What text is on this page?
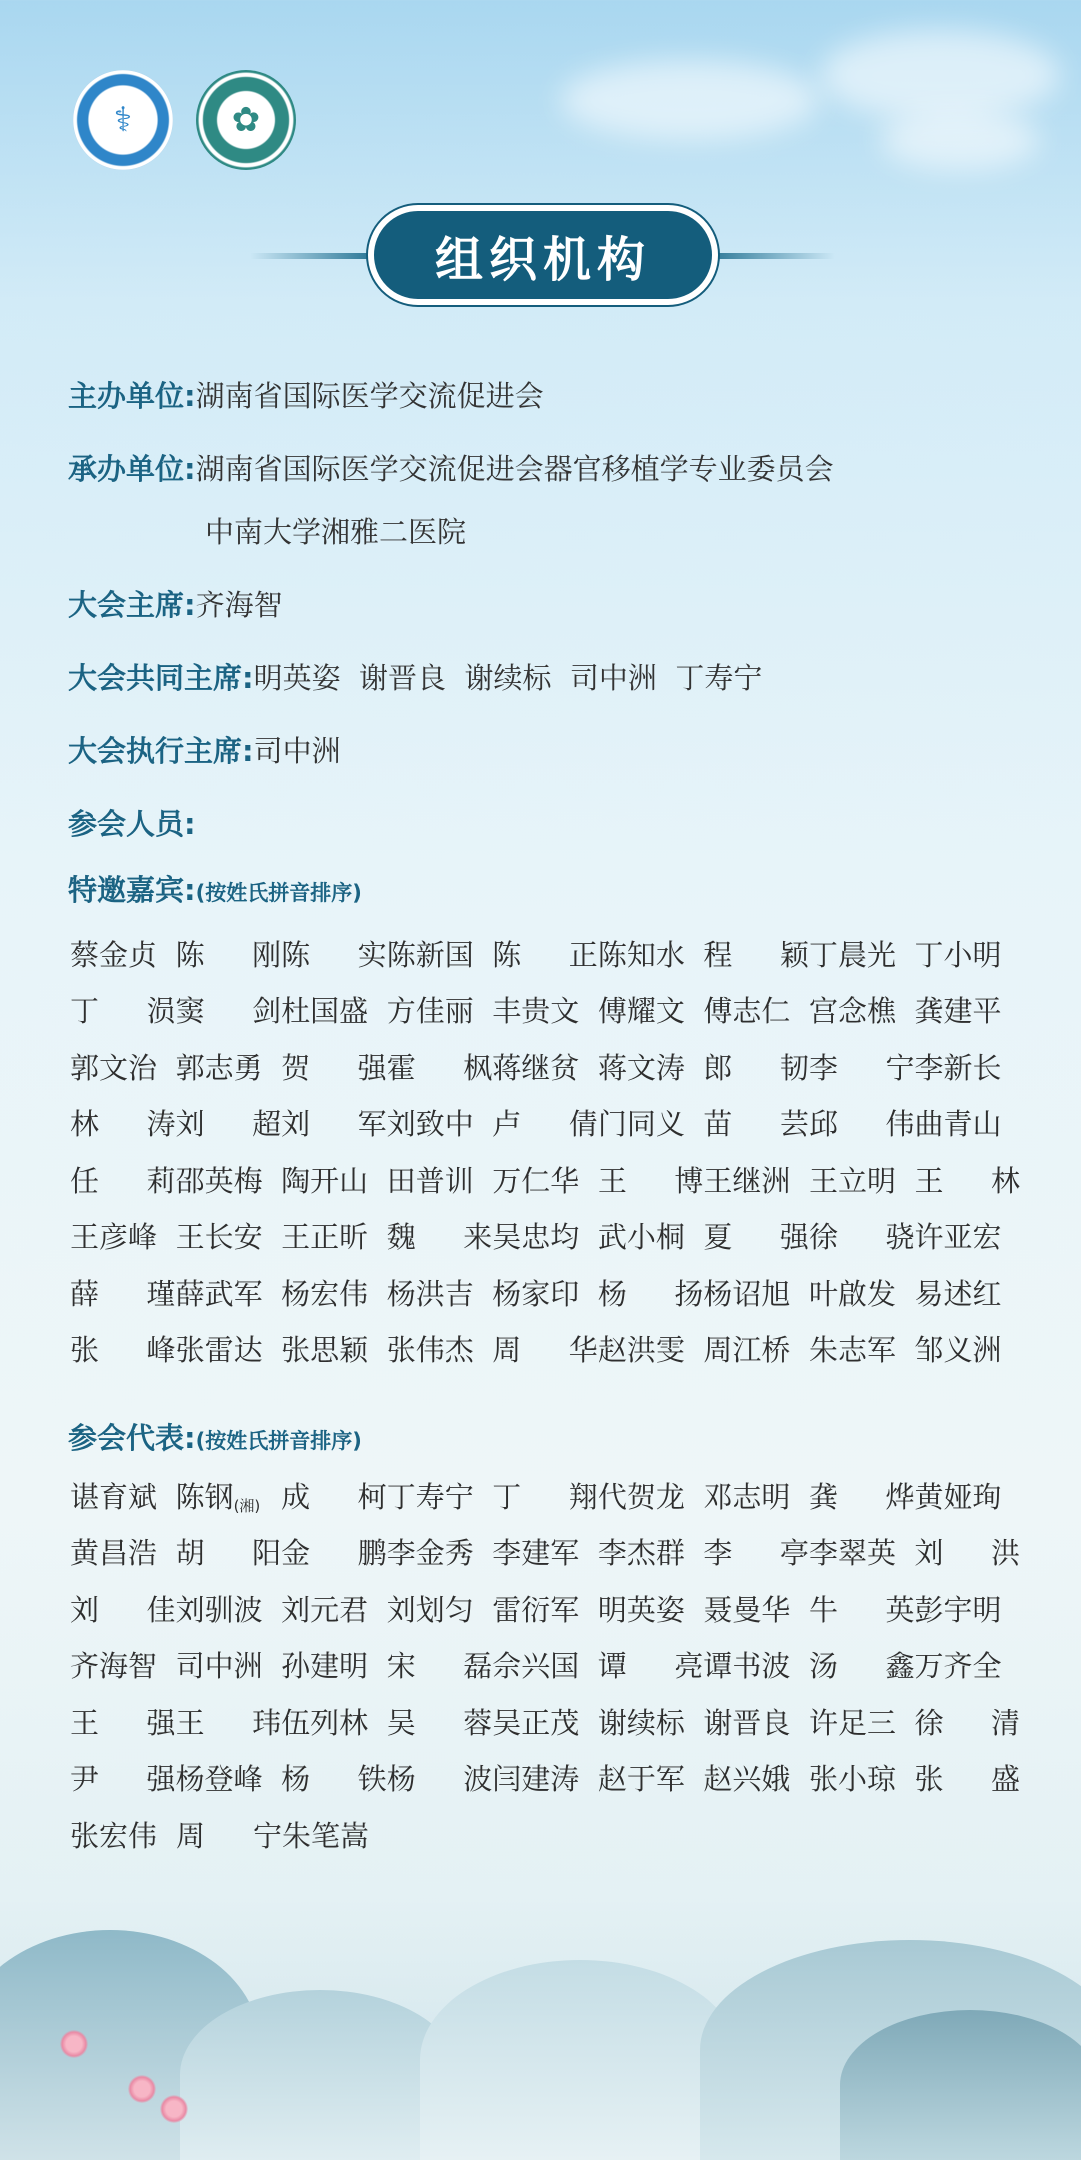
⚕	✿
组织机构
主办单位:湖南省国际医学交流促进会
承办单位:湖南省国际医学交流促进会器官移植学专业委员会
中南大学湘雅二医院
大会主席:齐海智
大会共同主席:明英姿  谢晋良  谢续标  司中洲  丁寿宁
大会执行主席:司中洲
参会人员:
特邀嘉宾:(按姓氏拼音排序)
蔡金贞 陈 刚 陈 实 陈新国 陈 正 陈知水 程 颖 丁晨光 丁小明
丁 涢 窦 剑 杜国盛 方佳丽 丰贵文 傅耀文 傅志仁 宫念樵 龚建平
郭文治 郭志勇 贺 强 霍 枫 蒋继贫 蒋文涛 郎 韧 李 宁 李新长
林 涛 刘 超 刘 军 刘致中 卢 倩 门同义 苗 芸 邱 伟 曲青山
任 莉 邵英梅 陶开山 田普训 万仁华 王 博 王继洲 王立明 王 林
王彦峰 王长安 王正昕 魏 来 吴忠均 武小桐 夏 强 徐 骁 许亚宏
薛 瑾 薛武军 杨宏伟 杨洪吉 杨家印 杨 扬 杨诏旭 叶啟发 易述红
张 峰 张雷达 张思颖 张伟杰 周 华 赵洪雯 周江桥 朱志军 邹义洲
参会代表:(按姓氏拼音排序)
谌育斌 陈钢$_{(湘)}$ 成 柯 丁寿宁 丁 翔 代贺龙 邓志明 龚 烨 黄娅珣
黄昌浩 胡 阳 金 鹏 李金秀 李建军 李杰群 李 亭 李翠英 刘 洪
刘 佳 刘驯波 刘元君 刘划匀 雷衍军 明英姿 聂曼华 牛 英 彭宇明
齐海智 司中洲 孙建明 宋 磊 佘兴国 谭 亮 谭书波 汤 鑫 万齐全
王 强 王 玮 伍列林 吴 蓉 吴正茂 谢续标 谢晋良 许足三 徐 清
尹 强 杨登峰 杨 铁 杨 波 闫建涛 赵于军 赵兴娥 张小琼 张 盛
张宏伟 周 宁 朱笔嵩
